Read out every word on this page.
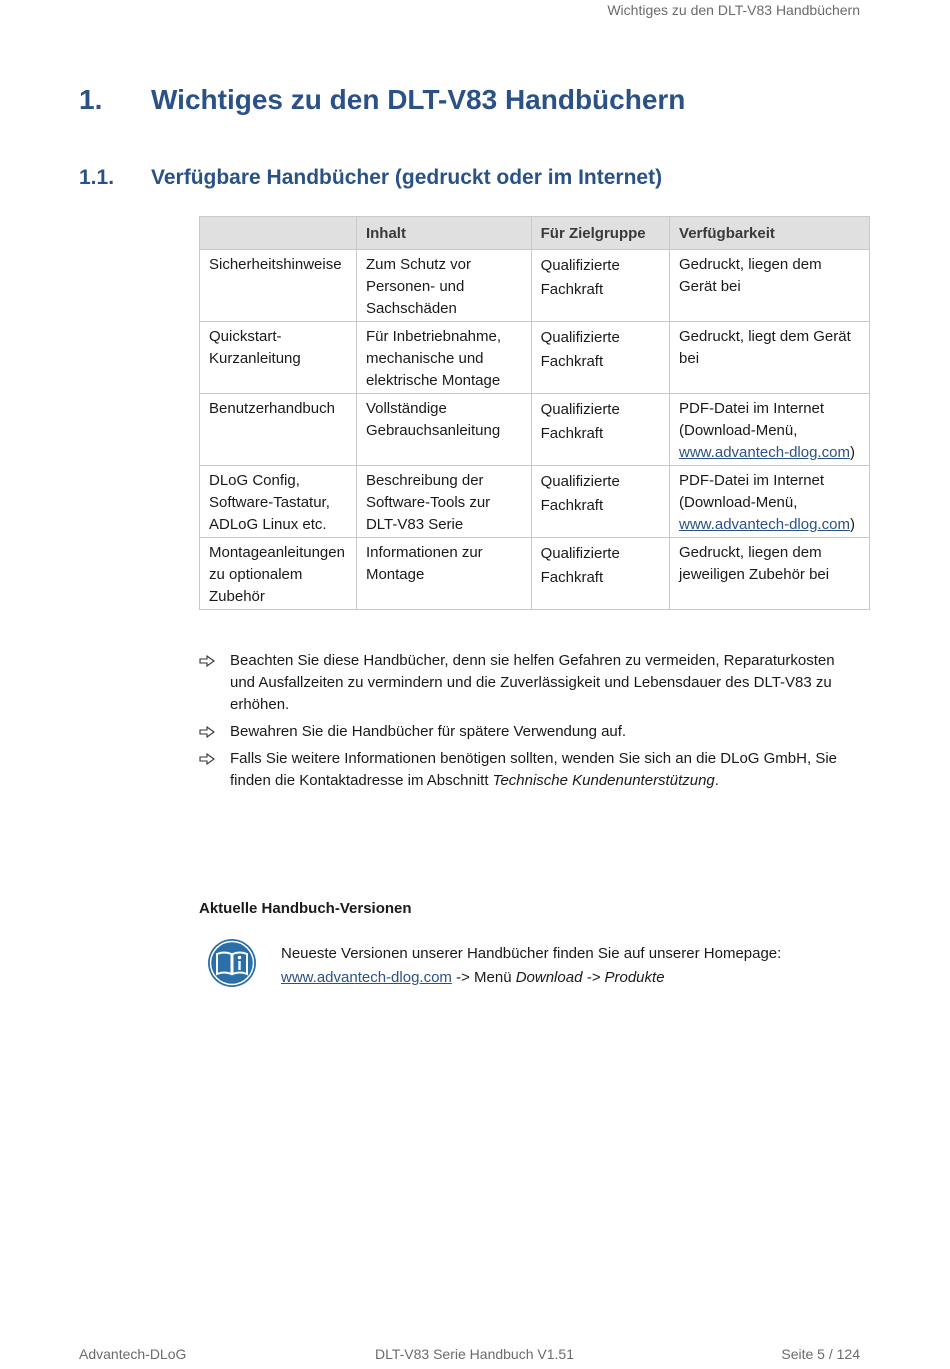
Wichtiges zu den DLT-V83 Handbüchern
1. Wichtiges zu den DLT-V83 Handbüchern
1.1. Verfügbare Handbücher (gedruckt oder im Internet)
	Inhalt	Für Zielgruppe	Verfügbarkeit
Sicherheitshinweise	Zum Schutz vor Personen- und Sachschäden	Qualifizierte Fachkraft	Gedruckt, liegen dem Gerät bei
Quickstart-Kurzanleitung	Für Inbetriebnahme, mechanische und elektrische Montage	Qualifizierte Fachkraft	Gedruckt, liegt dem Gerät bei
Benutzerhandbuch	Vollständige Gebrauchsanleitung	Qualifizierte Fachkraft	PDF-Datei im Internet (Download-Menü,
www.advantech-dlog.com)
DLoG Config, Software-Tastatur, ADLoG Linux etc.	Beschreibung der Software-Tools zur DLT-V83 Serie	Qualifizierte Fachkraft	PDF-Datei im Internet (Download-Menü,
www.advantech-dlog.com)
Montageanleitungen zu optionalem Zubehör	Informationen zur Montage	Qualifizierte Fachkraft	Gedruckt, liegen dem jeweiligen Zubehör bei
Beachten Sie diese Handbücher, denn sie helfen Gefahren zu vermeiden, Reparaturkosten und Ausfallzeiten zu vermindern und die Zuverlässigkeit und Lebensdauer des DLT-V83 zu erhöhen.
Bewahren Sie die Handbücher für spätere Verwendung auf.
Falls Sie weitere Informationen benötigen sollten, wenden Sie sich an die DLoG GmbH, Sie finden die Kontaktadresse im Abschnitt Technische Kundenunterstützung.
Aktuelle Handbuch-Versionen
Neueste Versionen unserer Handbücher finden Sie auf unserer Homepage:
www.advantech-dlog.com -> Menü Download -> Produkte
Advantech-DLoG	DLT-V83 Serie Handbuch V1.51	Seite 5 / 124
